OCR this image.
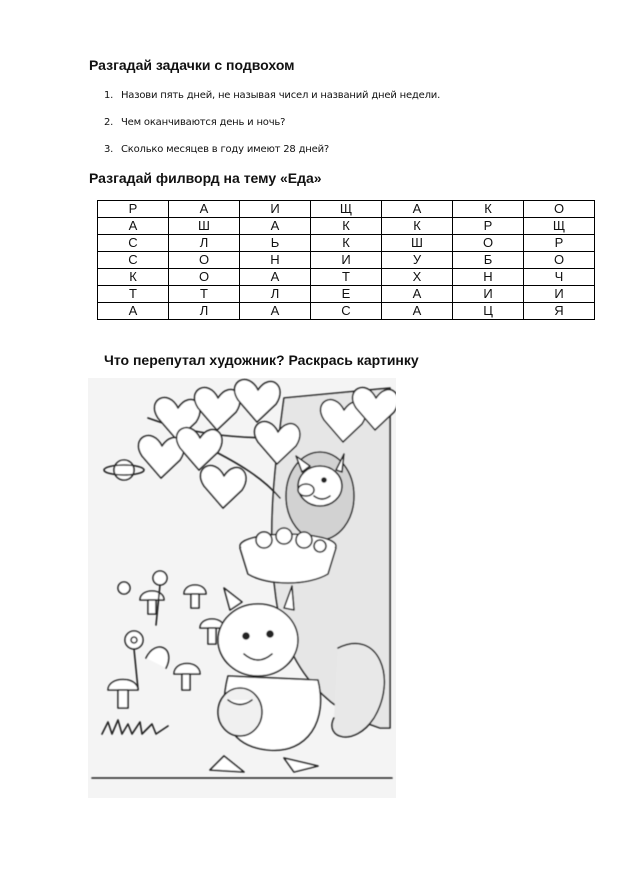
Разгадай задачки с подвохом
1. Назови пять дней, не называя чисел и названий дней недели.
2. Чем оканчиваются день и ночь?
3. Сколько месяцев в году имеют 28 дней?
Разгадай филворд на тему «Еда»
Р	А	И	Щ	А	К	О
А	Ш	А	К	К	Р	Щ
С	Л	Ь	К	Ш	О	Р
С	О	Н	И	У	Б	О
К	О	А	Т	Х	Н	Ч
Т	Т	Л	Е	А	И	И
А	Л	А	С	А	Ц	Я
Что перепутал художник? Раскрась картинку
